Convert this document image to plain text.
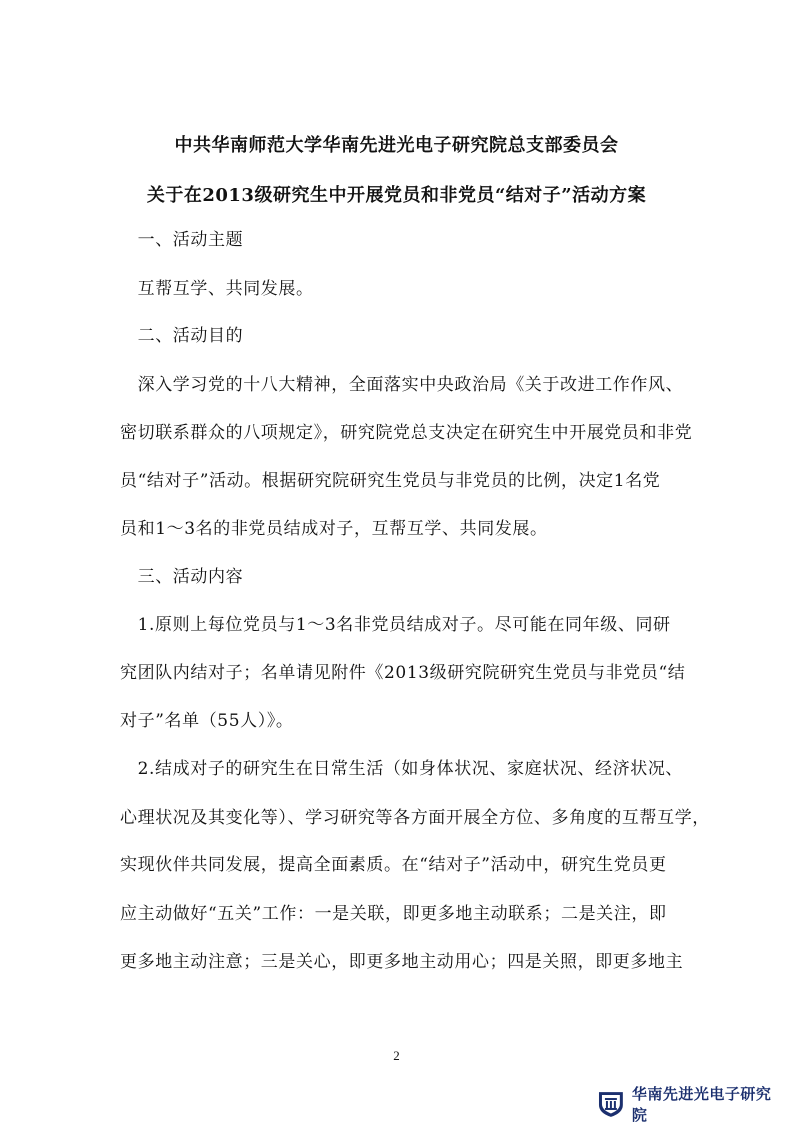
中共华南师范大学华南先进光电子研究院总支部委员会
关于在2013级研究生中开展党员和非党员“结对子”活动方案
　一、活动主题
　互帮互学、共同发展。
　二、活动目的
　深入学习党的十八大精神，全面落实中央政治局《关于改进工作作风、
密切联系群众的八项规定》，研究院党总支决定在研究生中开展党员和非党
员“结对子”活动。根据研究院研究生党员与非党员的比例，决定1名党
员和1～3名的非党员结成对子，互帮互学、共同发展。
　三、活动内容
　1.原则上每位党员与1～3名非党员结成对子。尽可能在同年级、同研
究团队内结对子；名单请见附件《2013级研究院研究生党员与非党员“结
对子”名单（55人）》。
　2.结成对子的研究生在日常生活（如身体状况、家庭状况、经济状况、
心理状况及其变化等）、学习研究等各方面开展全方位、多角度的互帮互学，
实现伙伴共同发展，提高全面素质。在“结对子”活动中，研究生党员更
应主动做好“五关”工作：一是关联，即更多地主动联系；二是关注，即
更多地主动注意；三是关心，即更多地主动用心；四是关照，即更多地主
2
华南先进光电子研究院
